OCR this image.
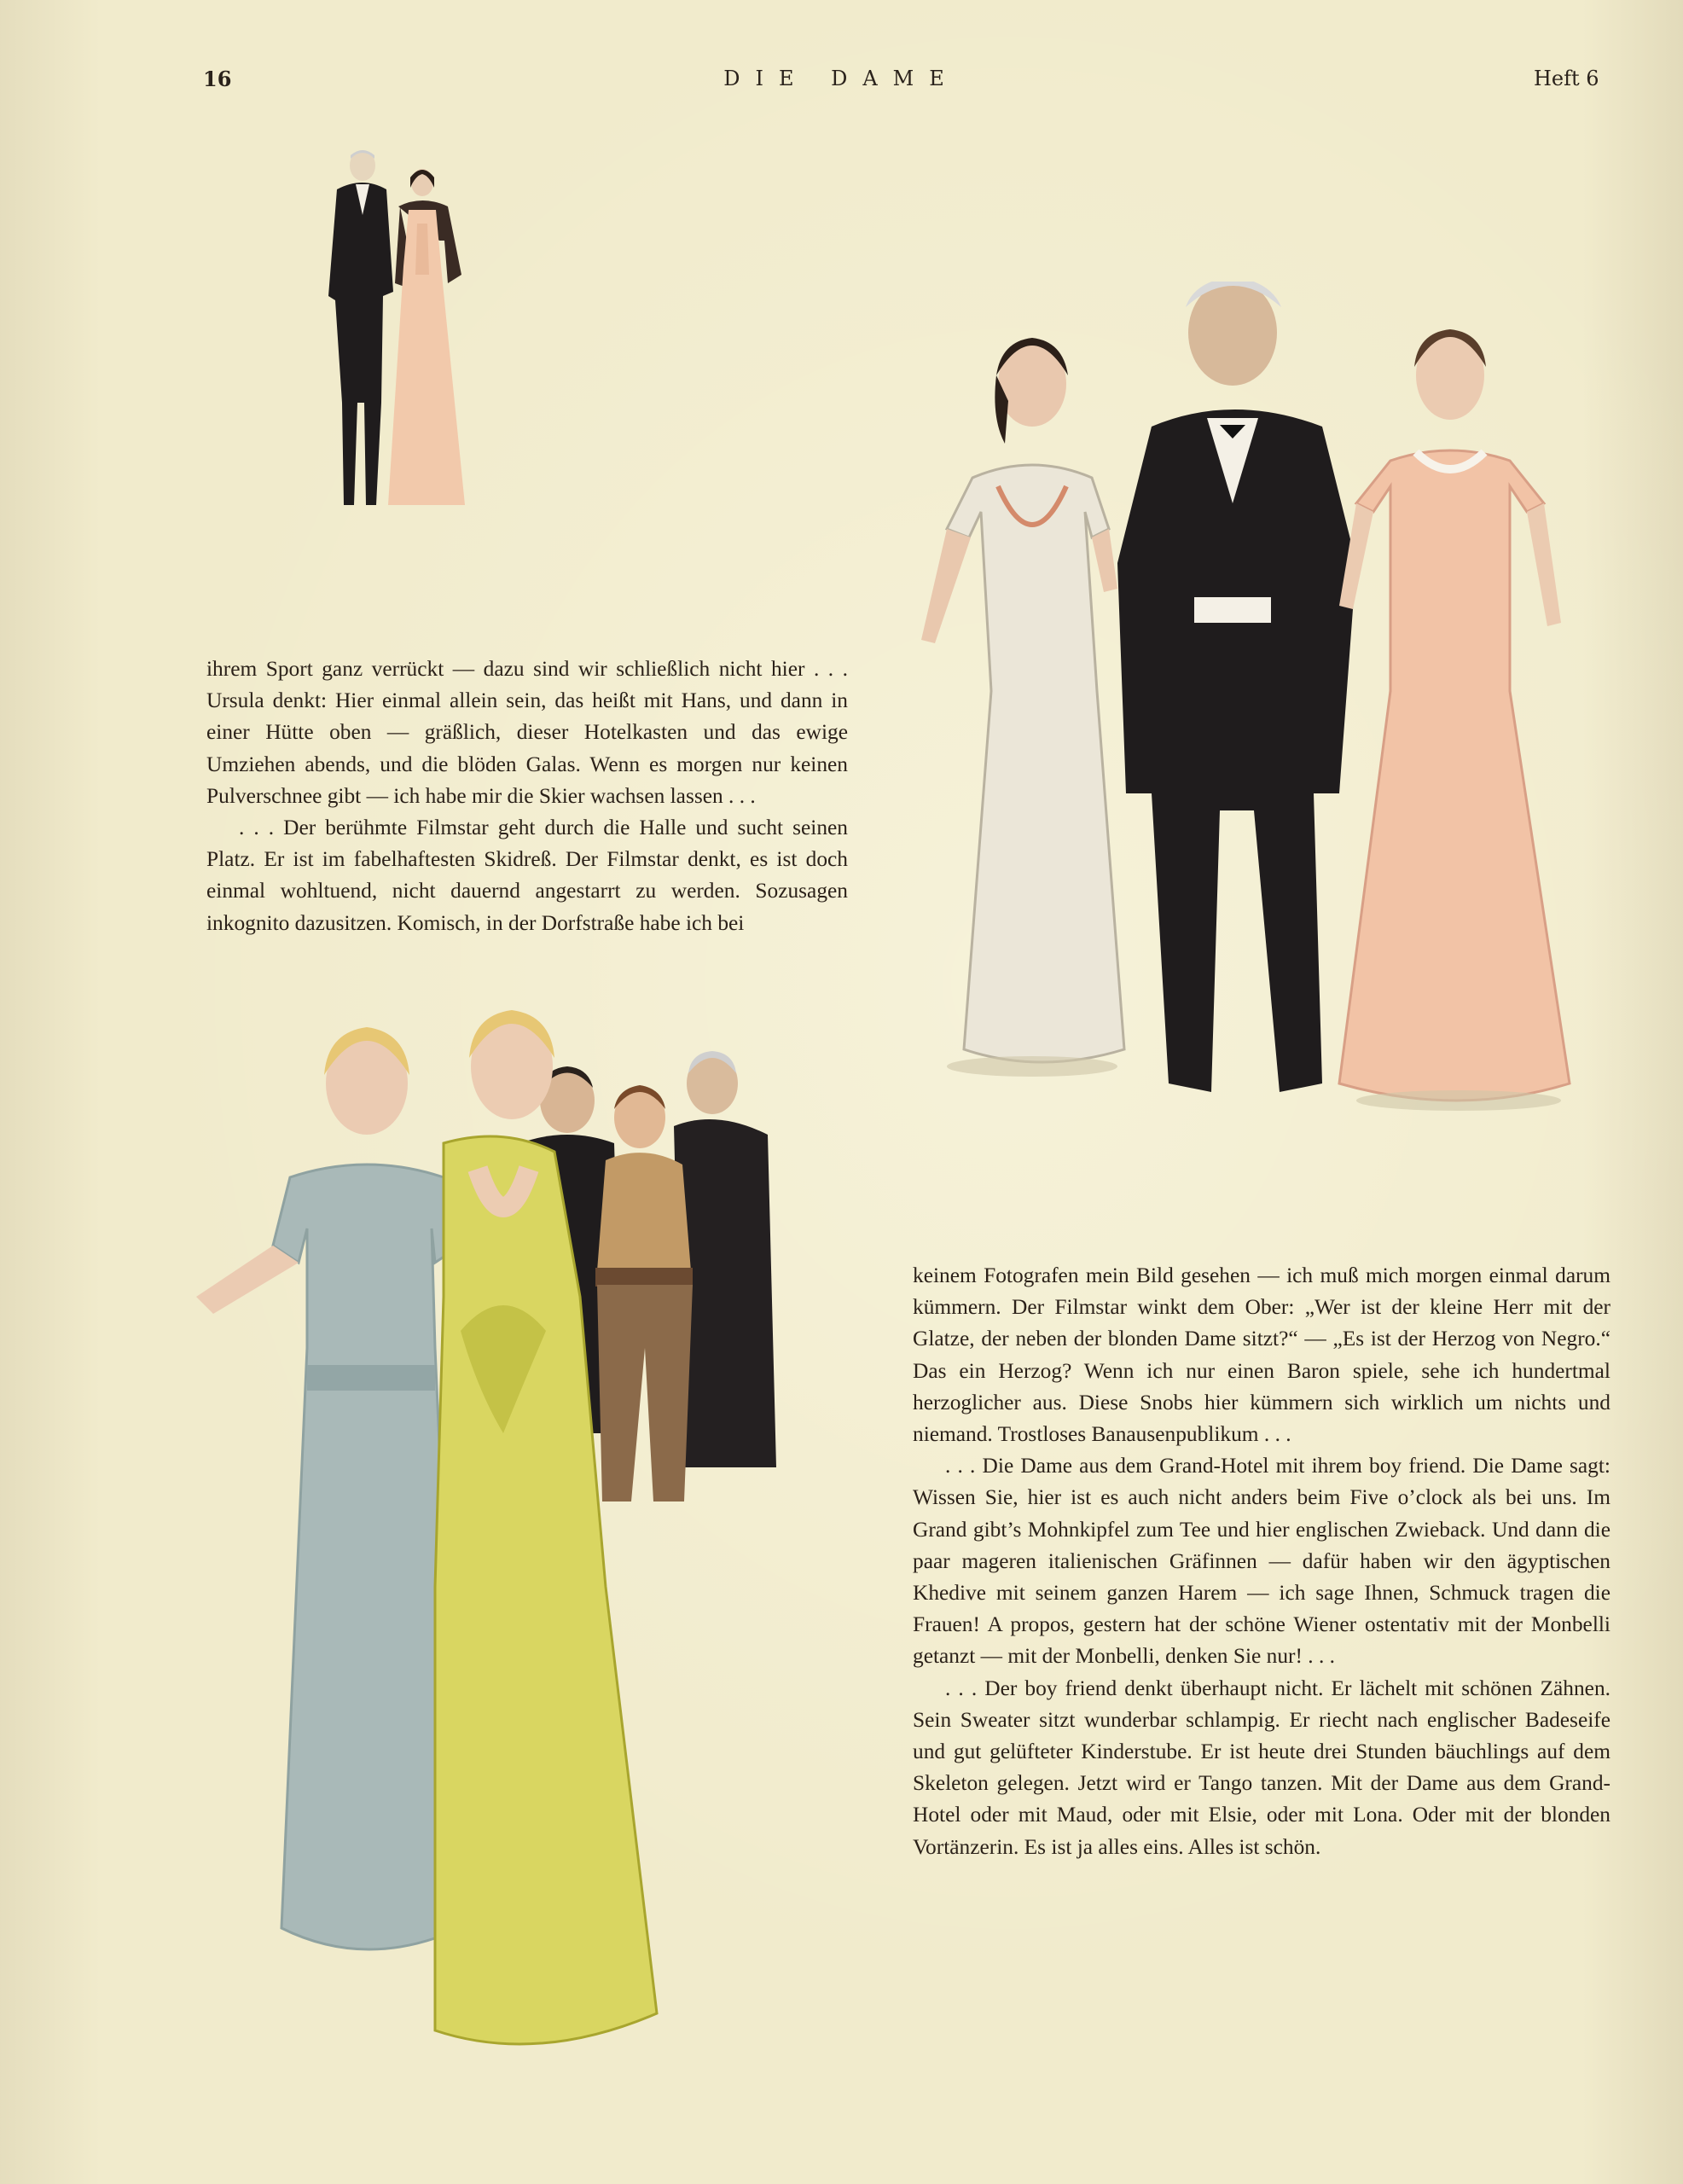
16	DIE DAME	Heft 6

ihrem Sport ganz verrückt — dazu sind wir schließlich nicht hier . . . Ursula denkt: Hier einmal allein sein, das heißt mit Hans, und dann in einer Hütte oben — gräßlich, dieser Hotelkasten und das ewige Umziehen abends, und die blöden Galas. Wenn es morgen nur keinen Pulverschnee gibt — ich habe mir die Skier wachsen lassen . . .

. . . Der berühmte Filmstar geht durch die Halle und sucht seinen Platz. Er ist im fabelhaftesten Skidreß. Der Filmstar denkt, es ist doch einmal wohltuend, nicht dauernd angestarrt zu werden. Sozusagen inkognito dazusitzen. Komisch, in der Dorfstraße habe ich bei

keinem Fotografen mein Bild gesehen — ich muß mich morgen einmal darum kümmern. Der Filmstar winkt dem Ober: „Wer ist der kleine Herr mit der Glatze, der neben der blonden Dame sitzt?“ — „Es ist der Herzog von Negro.“ Das ein Herzog? Wenn ich nur einen Baron spiele, sehe ich hundertmal herzoglicher aus. Diese Snobs hier kümmern sich wirklich um nichts und niemand. Trostloses Banausenpublikum . . .

. . . Die Dame aus dem Grand-Hotel mit ihrem boy friend. Die Dame sagt: Wissen Sie, hier ist es auch nicht anders beim Five o’clock als bei uns. Im Grand gibt’s Mohnkipfel zum Tee und hier englischen Zwieback. Und dann die paar mageren italienischen Gräfinnen — dafür haben wir den ägyptischen Khedive mit seinem ganzen Harem — ich sage Ihnen, Schmuck tragen die Frauen! A propos, gestern hat der schöne Wiener ostentativ mit der Monbelli getanzt — mit der Monbelli, denken Sie nur! . . .

. . . Der boy friend denkt überhaupt nicht. Er lächelt mit schönen Zähnen. Sein Sweater sitzt wunderbar schlampig. Er riecht nach englischer Badeseife und gut gelüfteter Kinderstube. Er ist heute drei Stunden bäuchlings auf dem Skeleton gelegen. Jetzt wird er Tango tanzen. Mit der Dame aus dem Grand-Hotel oder mit Maud, oder mit Elsie, oder mit Lona. Oder mit der blonden Vortänzerin. Es ist ja alles eins. Alles ist schön.
